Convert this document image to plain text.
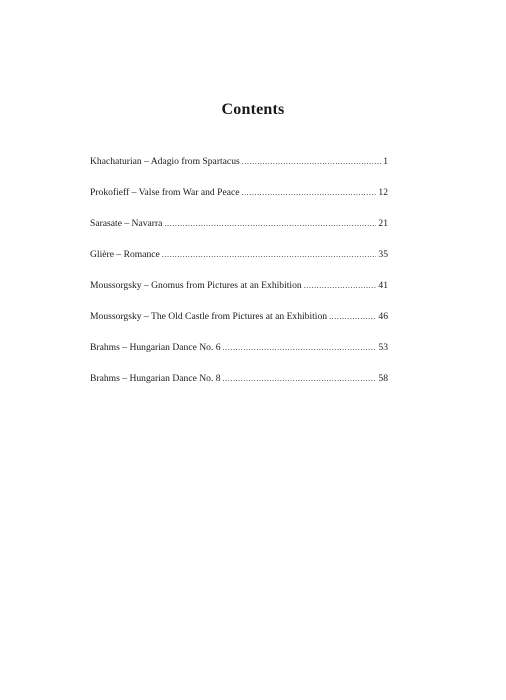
Contents
Khachaturian – Adagio from Spartacus .....	1
Prokofieff – Valse from War and Peace .....	12
Sarasate – Navarra .....	21
Glière – Romance .....	35
Moussorgsky – Gnomus from Pictures at an Exhibition .....	41
Moussorgsky – The Old Castle from Pictures at an Exhibition .....	46
Brahms – Hungarian Dance No. 6 .....	53
Brahms – Hungarian Dance No. 8 .....	58
